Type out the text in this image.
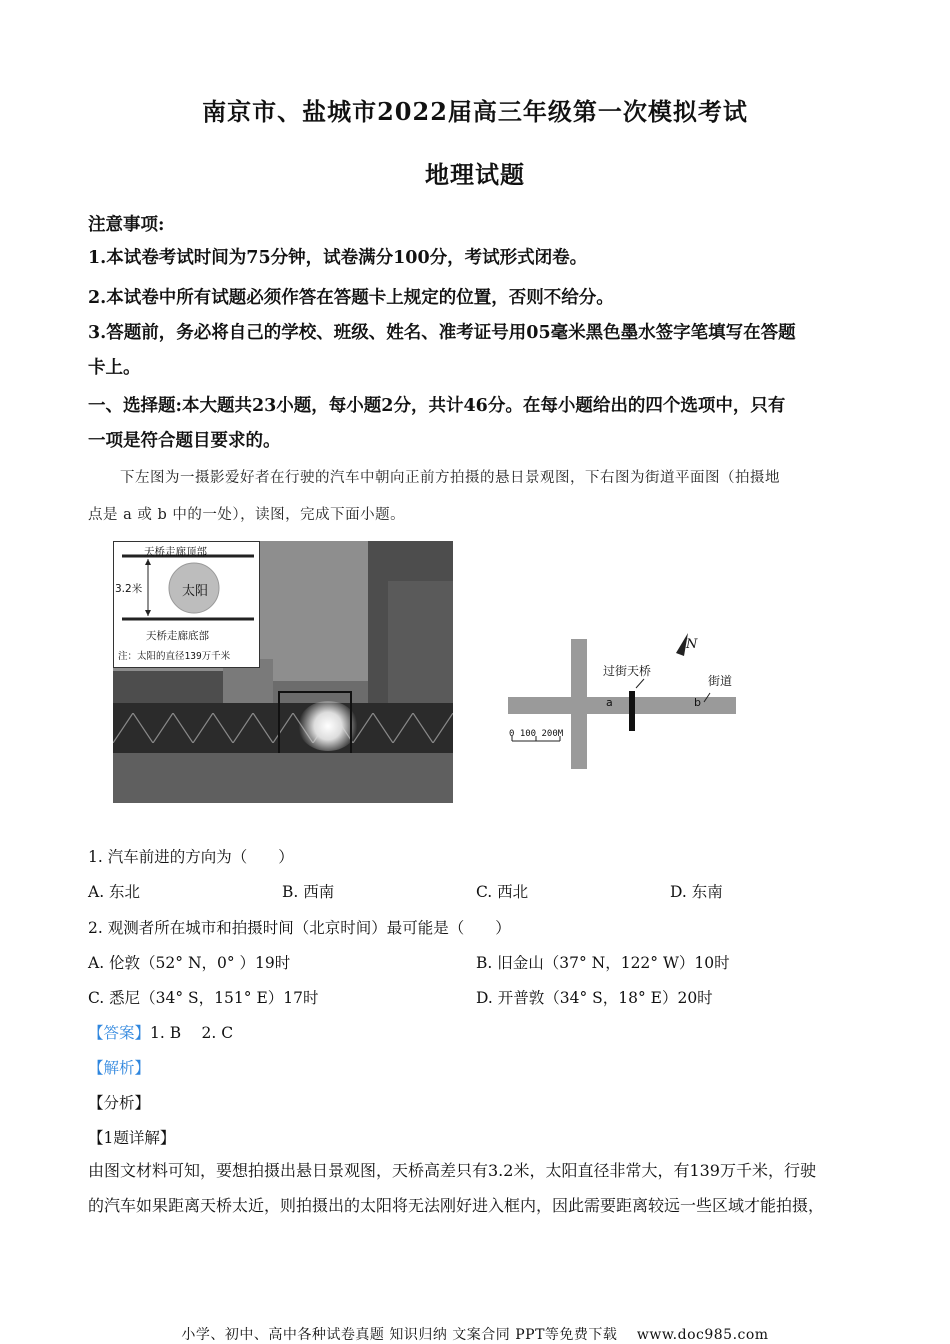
南京市、盐城市2022届高三年级第一次模拟考试
地理试题
注意事项:
1.本试卷考试时间为75分钟，试卷满分100分，考试形式闭卷。
2.本试卷中所有试题必须作答在答题卡上规定的位置，否则不给分。
3.答题前，务必将自己的学校、班级、姓名、准考证号用05毫米黑色墨水签字笔填写在答题
卡上。
一、选择题:本大题共23小题，每小题2分，共计46分。在每小题给出的四个选项中，只有
一项是符合题目要求的。
下左图为一摄影爱好者在行驶的汽车中朝向正前方拍摄的悬日景观图，下右图为街道平面图（拍摄地
点是 a 或 b 中的一处），读图，完成下面小题。
天桥走廊顶部
3.2米	太阳
天桥走廊底部
注：太阳的直径139万千米
N
过街天桥
街道
a	b
0 100 200M
1. 汽车前进的方向为（　　）
A. 东北	B. 西南	C. 西北	D. 东南
2. 观测者所在城市和拍摄时间（北京时间）最可能是（　　）
A. 伦敦（52° N，0° ）19时	B. 旧金山（37° N，122° W）10时
C. 悉尼（34° S，151° E）17时	D. 开普敦（34° S，18° E）20时
【答案】1. B　 2. C
【解析】
【分析】
【1题详解】
由图文材料可知，要想拍摄出悬日景观图，天桥高差只有3.2米，太阳直径非常大，有139万千米，行驶
的汽车如果距离天桥太近，则拍摄出的太阳将无法刚好进入框内，因此需要距离较远一些区域才能拍摄，
小学、初中、高中各种试卷真题 知识归纳 文案合同 PPT等免费下载　 www.doc985.com
